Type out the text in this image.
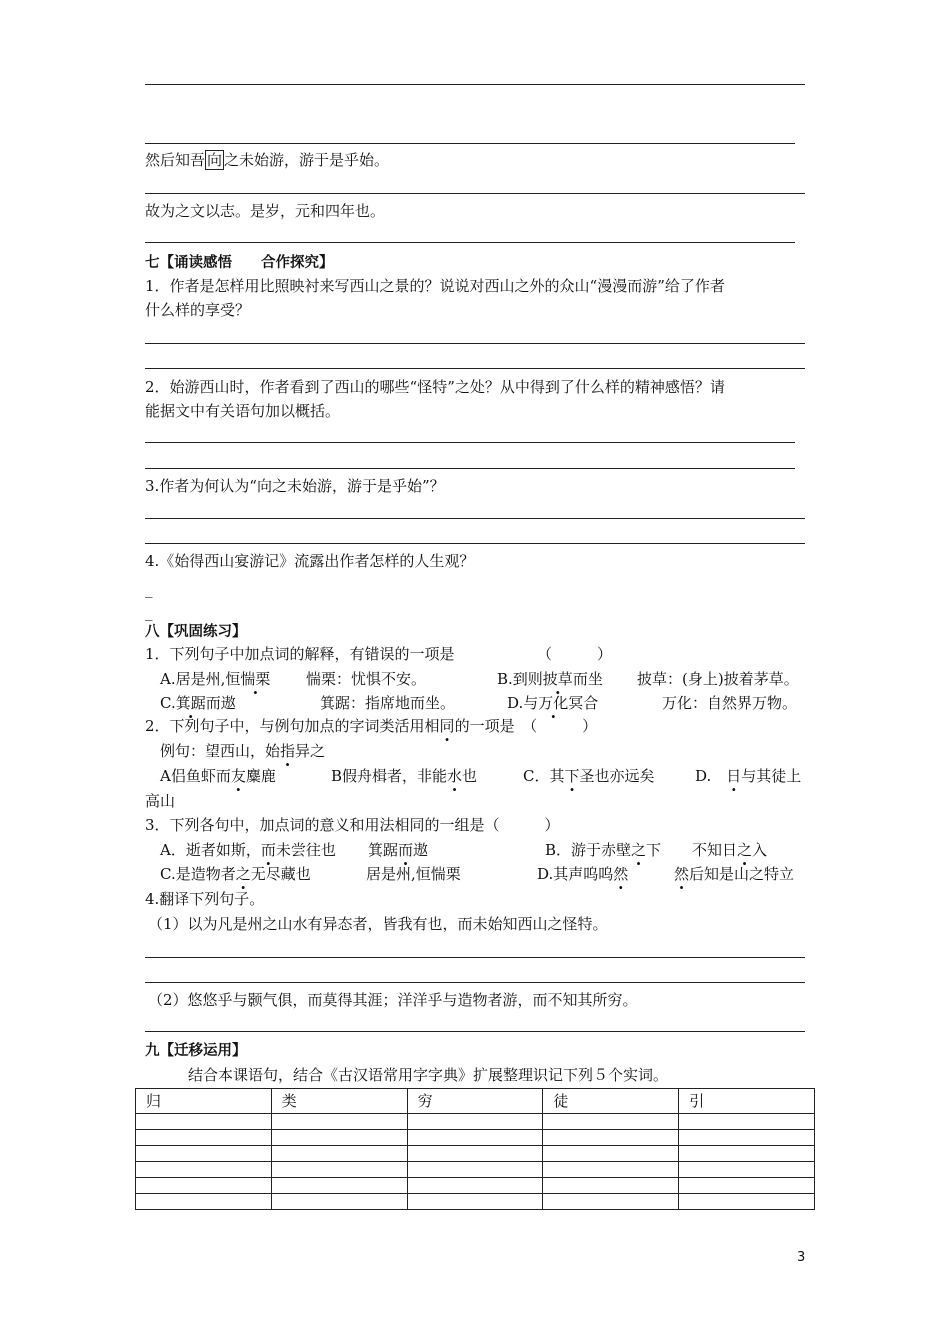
然后知吾 向 之未始游，游于是乎始。
故为之文以志。是岁，元和四年也。
七【诵读感悟　　合作探究】
1．作者是怎样用比照映衬来写西山之景的？说说对西山之外的众山“漫漫而游”给了作者
什么样的享受？
2．始游西山时，作者看到了西山的哪些“怪特”之处？从中得到了什么样的精神感悟？请
能据文中有关语句加以概括。
3.作者为何认为“向之未始游，游于是乎始”？
4.《始得西山宴游记》流露出作者怎样的人生观？
_
_
八【巩固练习】
1．下列句子中加点词的解释，有错误的一项是　　　　　　（　　　）
A.居是州,恒惴栗 惴栗：忧惧不安。	B.到则披草而坐 披草：(身上)披着茅草。
C.箕踞而遨	箕踞：指席地而坐。	D.与万化冥合	万化：自然界万物。
2．下列句子中，与例句加点的字词类活用相同的一项是　（　　　）
例句：望西山，始指异之
A侣鱼虾而友麋鹿	B假舟楫者，非能水也	C．其下圣也亦远矣	D.　日与其徒上
高山
3．下列各句中，加点词的意义和用法相同的一组是（　　　）
A．逝者如斯，而未尝往也 箕踞而遨	B．游于赤壁之下 不知日之入
C.是造物者之无尽藏也	居是州,恒惴栗	D.其声呜呜然	然后知是山之特立
4.翻译下列句子。
（1）以为凡是州之山水有异态者，皆我有也，而未始知西山之怪特。
（2）悠悠乎与颢气俱，而莫得其涯；洋洋乎与造物者游，而不知其所穷。
九【迁移运用】
结合本课语句，结合《古汉语常用字字典》扩展整理识记下列５个实词。
归	类	穷	徒	引

3
